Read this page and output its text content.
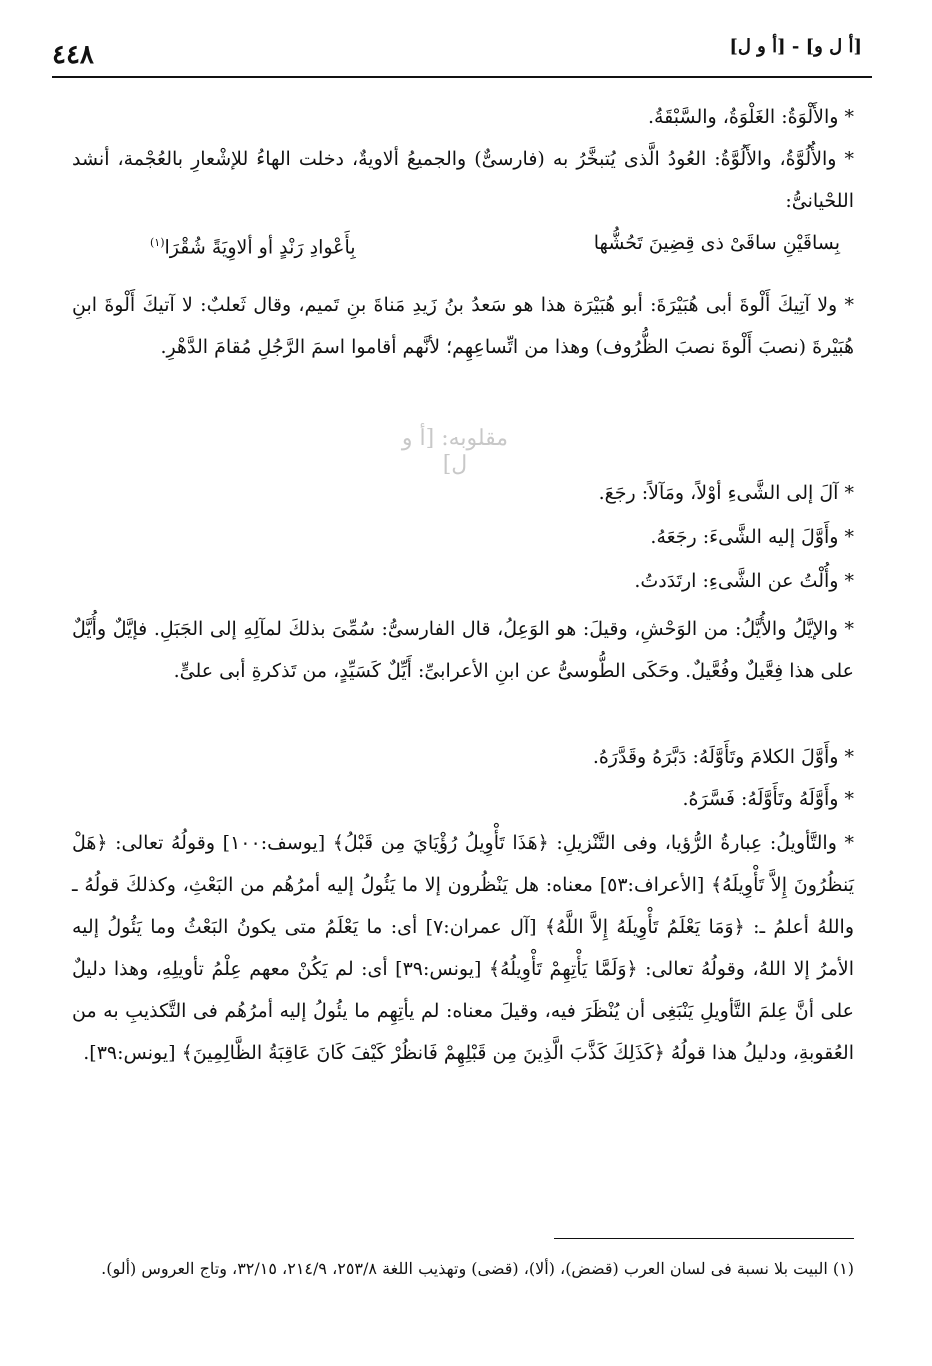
٤٤٨	[أ ل و] - [أ و ل]
* والأَلْوَةُ: الغَلْوَةُ، والسَّبْقَةُ.
* والأُلُوَّةُ، والأَلُوَّةُ: العُودُ الَّذى يُتبخَّرُ به (فارسىٌّ) والجميعُ ألاويةٌ، دخلت الهاءُ للإشْعارِ بالعُجْمة، أنشد اللحْيانىُّ:
بِساقَيْنِ ساقَىْ ذى قِضِينَ تَحُشُّها
بِأَعْوادِ رَنْدٍ أو ألاوِيَةً شُقْرَا$^{(١)}$
* ولا آتِيكَ أَلْوةَ أبى هُبَيْرَةَ: أبو هُبَيْرَة هذا هو سَعدُ بنُ زَيدِ مَناةَ بنِ تَميم، وقال ثَعلبٌ: لا آتيكَ أَلْوةَ ابنِ هُبَيْرةَ (نصبَ أَلْوةَ نصبَ الظُّرُوف) وهذا من اتِّساعِهِم؛ لأنَّهم أقاموا اسمَ الرَّجُلِ مُقامَ الدَّهْرِ.
مقلوبه: [أ و ل]
* آلَ إلى الشَّىءِ أوْلاً، ومَآلاً: رجَعَ.
* وأَوَّلَ إليه الشَّىءَ: رجَعَهُ.
* وأُلْتُ عن الشَّىءِ: ارتَدَدتُ.
* والإيَّلُ والأُيَّلُ: من الوَحْشِ، وقيلَ: هو الوَعِلُ، قال الفارسىُّ: سُمِّىَ بذلكَ لمآلِهِ إلى الجَبَلِ. فإيَّلٌ وأُيَّلٌ على هذا فِعَّيلٌ وفُعَّيلٌ. وحَكَى الطُّوسىُّ عن ابنِ الأعرابىِّ: أَيِّلٌ كَسَيِّدٍ، من تَذكرةِ أبى علىٍّ.
* وأَوَّلَ الكلامَ وتَأَوَّلَهُ: دَبَّرَهُ وقَدَّرَهُ.
* وأَوَّلَهُ وتَأَوَّلَهُ: فَسَّرَهُ.
* والتَّأويلُ: عِبارةُ الرُّؤيا، وفى التَّنْزيلِ: ﴿هَذَا تَأْوِيلُ رُؤْيَايَ مِن قَبْلُ﴾ [يوسف:١٠٠] وقولُهُ تعالى: ﴿هَلْ يَنظُرُونَ إِلاَّ تَأْوِيلَهُ﴾ [الأعراف:٥٣] معناه: هل يَنْظُرون إلا ما يَئُولُ إليه أمرُهُم من البَعْثِ، وكذلكَ قولُهُ ـ واللهُ أعلمُ ـ: ﴿وَمَا يَعْلَمُ تَأْوِيلَهُ إِلاَّ اللَّهُ﴾ [آل عمران:٧] أى: ما يَعْلَمُ متى يكونُ البَعْثُ وما يَئُولُ إليه الأمرُ إلا اللهُ، وقولُهُ تعالى: ﴿وَلَمَّا يَأْتِهِمْ تَأْوِيلُهُ﴾ [يونس:٣٩] أى: لم يَكُنْ معهم عِلْمُ تأويلِهِ، وهذا دليلٌ على أنَّ عِلمَ التَّأويلِ يَنْبَغِى أن يُنْظَرَ فيه، وقيلَ معناه: لم يأتِهِم ما يئُولُ إليه أمرُهُم فى التَّكذيبِ به من العُقوبةِ، ودليلُ هذا قولُهُ ﴿كَذَلِكَ كَذَّبَ الَّذِينَ مِن قَبْلِهِمْ فَانظُرْ كَيْفَ كَانَ عَاقِبَةُ الظَّالِمِينَ﴾ [يونس:٣٩].
(١) البيت بلا نسبة فى لسان العرب (قضض)، (ألا)، (قضى) وتهذيب اللغة ٢٥٣/٨، ٢١٤/٩، ٣٢/١٥، وتاج العروس (ألو).
